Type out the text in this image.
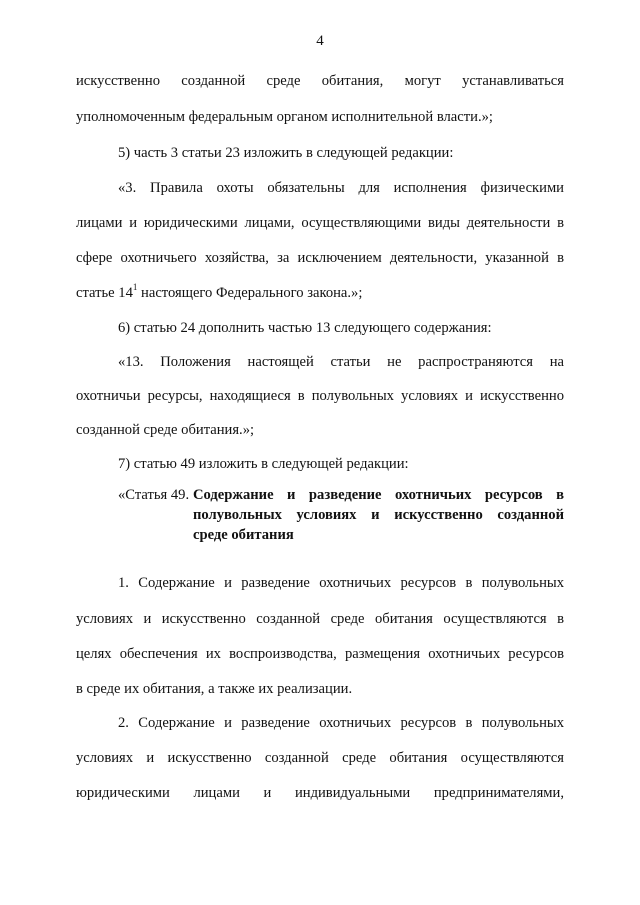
4
искусственно созданной среде обитания, могут устанавливаться
уполномоченным федеральным органом исполнительной власти.»;
5) часть 3 статьи 23 изложить в следующей редакции:
«3. Правила охоты обязательны для исполнения физическими
лицами и юридическими лицами, осуществляющими виды деятельности в
сфере охотничьего хозяйства, за исключением деятельности, указанной в
статье $14^1$ настоящего Федерального закона.»;
6) статью 24 дополнить частью 13 следующего содержания:
«13. Положения настоящей статьи не распространяются на
охотничьи ресурсы, находящиеся в полувольных условиях и искусственно
созданной среде обитания.»;
7) статью 49 изложить в следующей редакции:
«Статья 49. Содержание и разведение охотничьих ресурсов в
полувольных условиях и искусственно созданной
среде обитания
1. Содержание и разведение охотничьих ресурсов в полувольных
условиях и искусственно созданной среде обитания осуществляются в
целях обеспечения их воспроизводства, размещения охотничьих ресурсов
в среде их обитания, а также их реализации.
2. Содержание и разведение охотничьих ресурсов в полувольных
условиях и искусственно созданной среде обитания осуществляются
юридическими лицами и индивидуальными предпринимателями,
